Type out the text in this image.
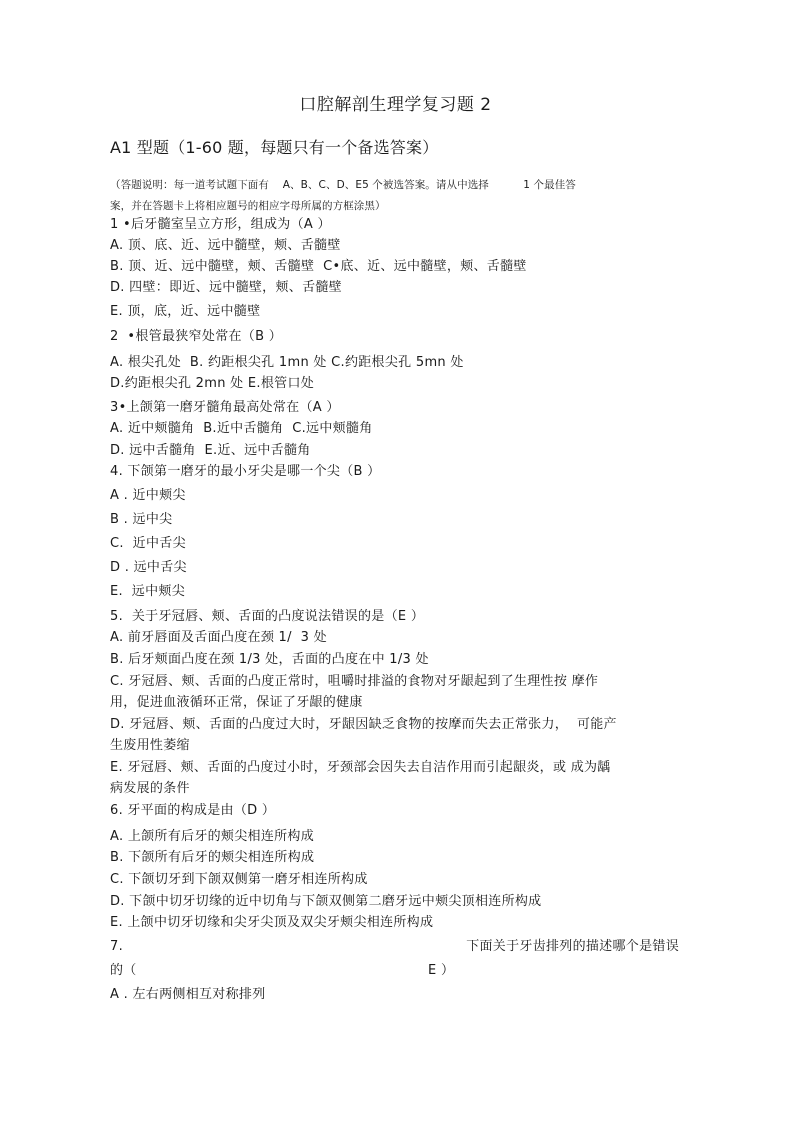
口腔解剖生理学复习题 2
A1 型题（1-60 题，每题只有一个备选答案）
（答题说明：每一道考试题下面有    A、B、C、D、E5 个被选答案。请从中选择          1 个最佳答
案，并在答题卡上将相应题号的相应字母所属的方框涂黑）
1 •后牙髓室呈立方形，组成为（A ）
A. 顶、底、近、远中髓壁，颊、舌髓壁
B. 顶、近、远中髓壁，颊、舌髓壁  C•底、近、远中髓壁，颊、舌髓壁
D. 四壁：即近、远中髓壁，颊、舌髓壁
E. 顶，底，近、远中髓壁
2  •根管最狭窄处常在（B ）
A. 根尖孔处  B. 约距根尖孔 1mn 处 C.约距根尖孔 5mn 处
D.约距根尖孔 2mn 处 E.根管口处
3•上颌第一磨牙髓角最高处常在（A ）
A. 近中颊髓角  B.近中舌髓角  C.远中颊髓角
D. 远中舌髓角  E.近、远中舌髓角
4. 下颌第一磨牙的最小牙尖是哪一个尖（B ）
A . 近中颊尖
B . 远中尖
C.  近中舌尖
D . 远中舌尖
E.  远中颊尖
5.  关于牙冠唇、颊、舌面的凸度说法错误的是（E ）
A. 前牙唇面及舌面凸度在颈 1/  3 处
B. 后牙颊面凸度在颈 1/3 处，舌面的凸度在中 1/3 处
C. 牙冠唇、颊、舌面的凸度正常时，咀嚼时排溢的食物对牙龈起到了生理性按 摩作
用，促进血液循环正常，保证了牙龈的健康
D. 牙冠唇、颊、舌面的凸度过大时，牙龈因缺乏食物的按摩而失去正常张力，  可能产
生废用性萎缩
E. 牙冠唇、颊、舌面的凸度过小时，牙颈部会因失去自洁作用而引起龈炎，或 成为龋
病发展的条件
6. 牙平面的构成是由（D ）
A. 上颌所有后牙的颊尖相连所构成
B. 下颌所有后牙的颊尖相连所构成
C. 下颌切牙到下颌双侧第一磨牙相连所构成
D. 下颌中切牙切缘的近中切角与下颌双侧第二磨牙远中颊尖顶相连所构成
E. 上颌中切牙切缘和尖牙尖顶及双尖牙颊尖相连所构成
7.	下面关于牙齿排列的描述哪个是错误
的（	E ）
A . 左右两侧相互对称排列
